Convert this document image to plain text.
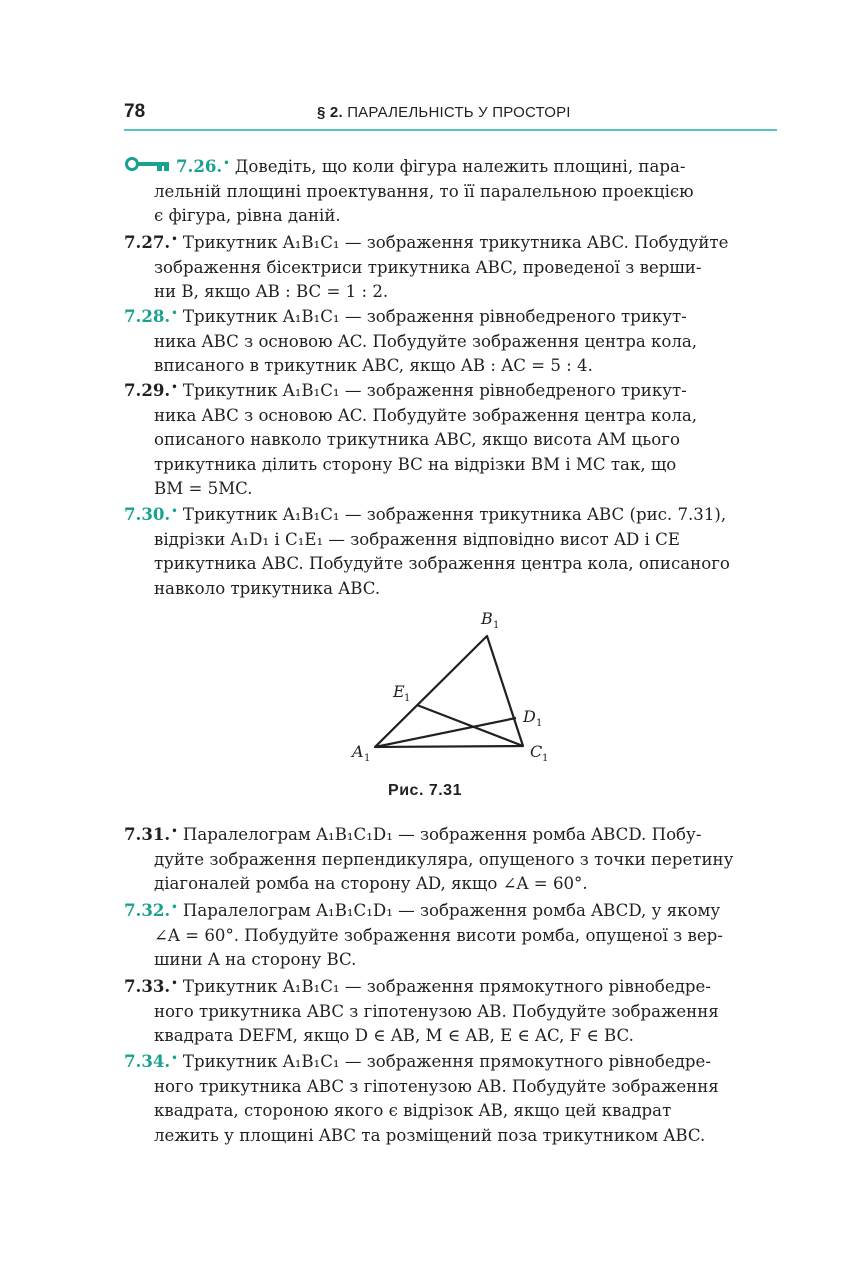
78	§ 2. ПАРАЛЕЛЬНІСТЬ У ПРОСТОРІ
7.26.• Доведіть, що коли фігура належить площині, пара-
лельній площині проектування, то її паралельною проекцією
є фігура, рівна даній.
7.27.• Трикутник A₁B₁C₁ — зображення трикутника ABC. Побудуйте
зображення бісектриси трикутника ABC, проведеної з верши-
ни B, якщо AB : BC = 1 : 2.
7.28.• Трикутник A₁B₁C₁ — зображення рівнобедреного трикут-
ника ABC з основою AC. Побудуйте зображення центра кола,
вписаного в трикутник ABC, якщо AB : AC = 5 : 4.
7.29.• Трикутник A₁B₁C₁ — зображення рівнобедреного трикут-
ника ABC з основою AC. Побудуйте зображення центра кола,
описаного навколо трикутника ABC, якщо висота AM цього
трикутника ділить сторону BC на відрізки BM і MC так, що
BM = 5MC.
7.30.• Трикутник A₁B₁C₁ — зображення трикутника ABC (рис. 7.31),
відрізки A₁D₁ і C₁E₁ — зображення відповідно висот AD і CE
трикутника ABC. Побудуйте зображення центра кола, описаного
навколо трикутника ABC.
7.31.• Паралелограм A₁B₁C₁D₁ — зображення ромба ABCD. Побу-
дуйте зображення перпендикуляра, опущеного з точки перетину
діагоналей ромба на сторону AD, якщо ∠A = 60°.
7.32.• Паралелограм A₁B₁C₁D₁ — зображення ромба ABCD, у якому
∠A = 60°. Побудуйте зображення висоти ромба, опущеної з вер-
шини A на сторону BC.
7.33.• Трикутник A₁B₁C₁ — зображення прямокутного рівнобедре-
ного трикутника ABC з гіпотенузою AB. Побудуйте зображення
квадрата DEFM, якщо D ∈ AB, M ∈ AB, E ∈ AC, F ∈ BC.
7.34.• Трикутник A₁B₁C₁ — зображення прямокутного рівнобедре-
ного трикутника ABC з гіпотенузою AB. Побудуйте зображення
квадрата, стороною якого є відрізок AB, якщо цей квадрат
лежить у площині ABC та розміщений поза трикутником ABC.
B 1
E 1
D 1
A 1	C 1
Рис. 7.31
